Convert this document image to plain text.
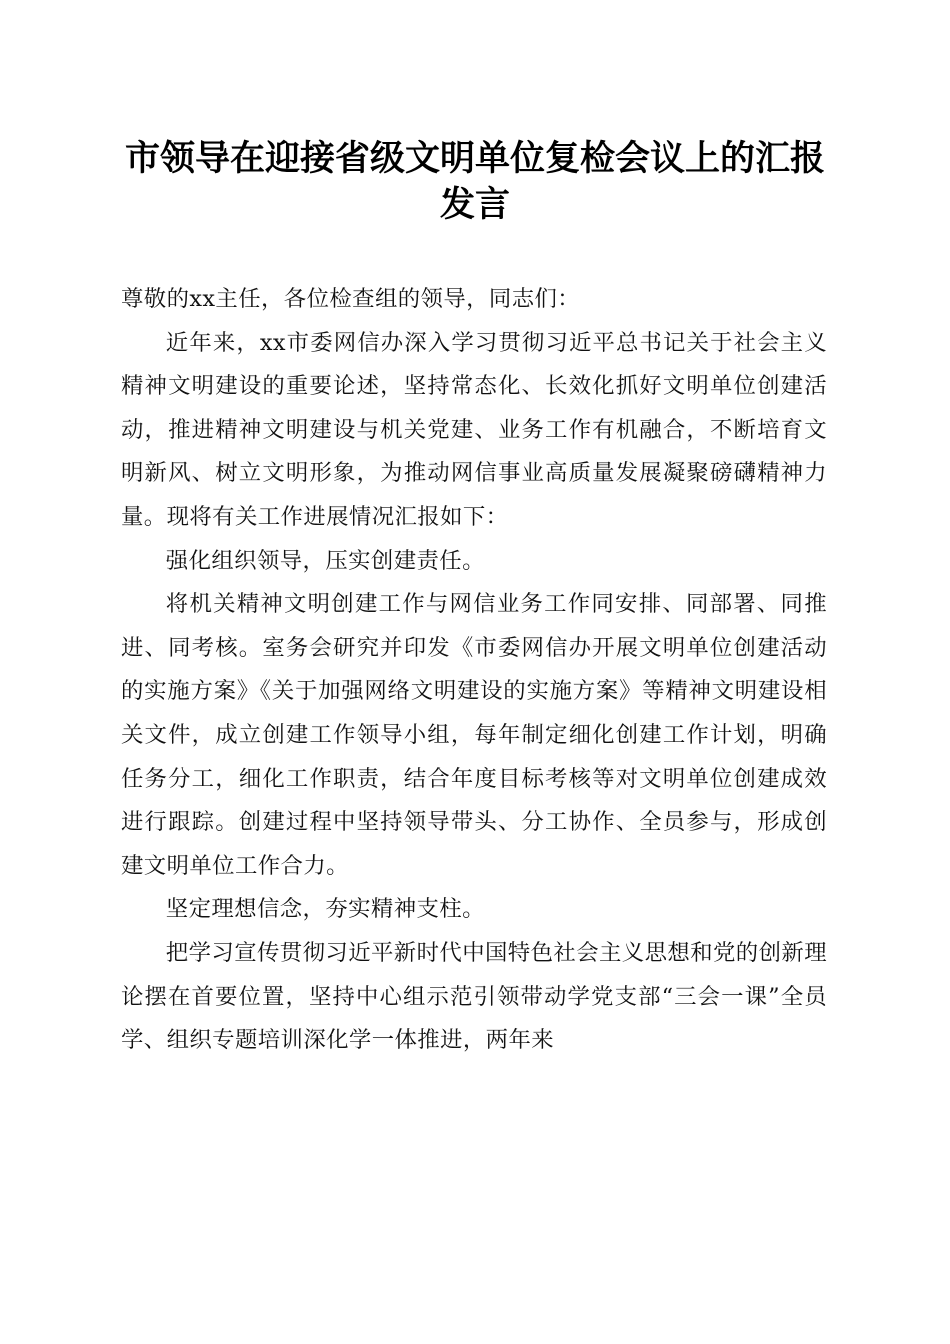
市领导在迎接省级文明单位复检会议上的汇报发言

尊敬的xx主任，各位检查组的领导，同志们：

近年来，xx市委网信办深入学习贯彻习近平总书记关于社会主义精神文明建设的重要论述，坚持常态化、长效化抓好文明单位创建活动，推进精神文明建设与机关党建、业务工作有机融合，不断培育文明新风、树立文明形象，为推动网信事业高质量发展凝聚磅礴精神力量。现将有关工作进展情况汇报如下：

强化组织领导，压实创建责任。

将机关精神文明创建工作与网信业务工作同安排、同部署、同推进、同考核。室务会研究并印发《市委网信办开展文明单位创建活动的实施方案》《关于加强网络文明建设的实施方案》等精神文明建设相关文件，成立创建工作领导小组，每年制定细化创建工作计划，明确任务分工，细化工作职责，结合年度目标考核等对文明单位创建成效进行跟踪。创建过程中坚持领导带头、分工协作、全员参与，形成创建文明单位工作合力。

坚定理想信念，夯实精神支柱。

把学习宣传贯彻习近平新时代中国特色社会主义思想和党的创新理论摆在首要位置，坚持中心组示范引领带动学党支部“三会一课”全员学、组织专题培训深化学一体推进，两年来
